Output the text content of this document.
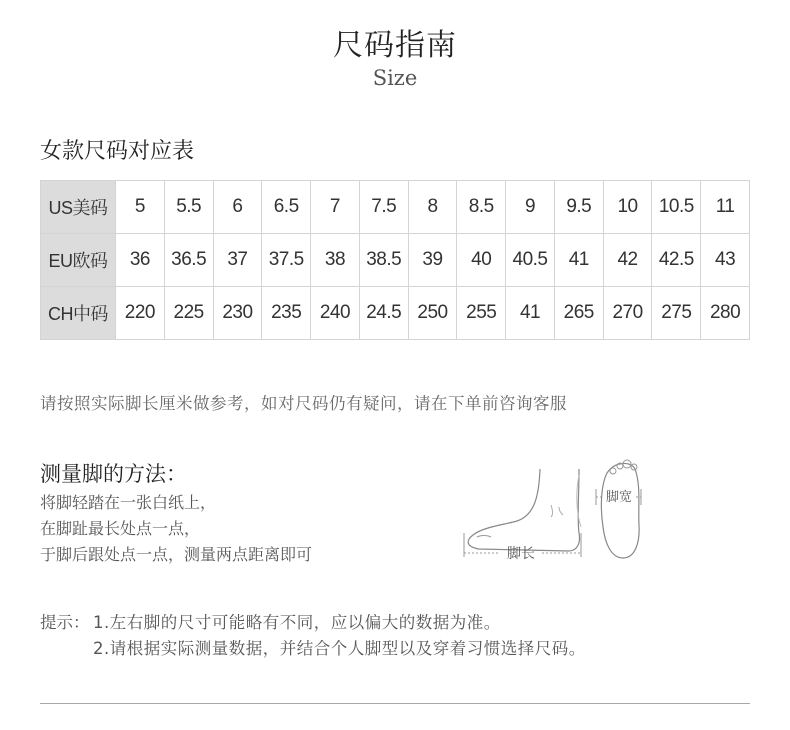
尺码指南
Size
女款尺码对应表
US美码	5	5.5	6	6.5	7	7.5	8	8.5	9	9.5	10	10.5	11
EU欧码	36	36.5	37	37.5	38	38.5	39	40	40.5	41	42	42.5	43
CH中码	220	225	230	235	240	24.5	250	255	41	265	270	275	280
请按照实际脚长厘米做参考，如对尺码仍有疑问，请在下单前咨询客服
测量脚的方法：
将脚轻踏在一张白纸上，
在脚趾最长处点一点，
于脚后跟处点一点，测量两点距离即可	脚长
脚宽
提示： 1.左右脚的尺寸可能略有不同，应以偏大的数据为准。
2.请根据实际测量数据，并结合个人脚型以及穿着习惯选择尺码。
